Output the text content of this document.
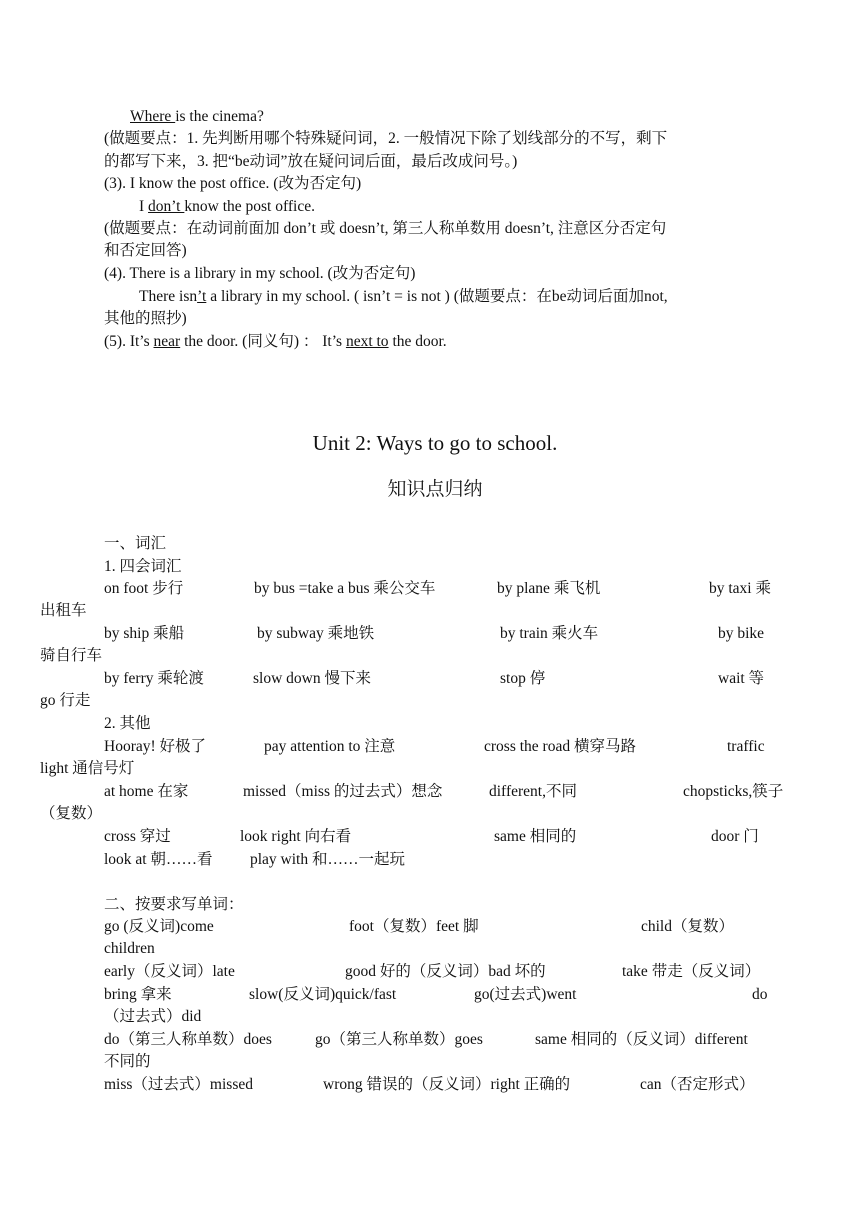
Where is the cinema?
(做题要点：1. 先判断用哪个特殊疑问词，2. 一般情况下除了划线部分的不写，剩下
的都写下来，3. 把“be动词”放在疑问词后面，最后改成问号。)
(3). I know the post office. (改为否定句)
I don’t know the post office.
(做题要点：在动词前面加 don’t 或 doesn’t, 第三人称单数用 doesn’t, 注意区分否定句
和否定回答)
(4). There is a library in my school. (改为否定句)
There isn’t a library in my school. ( isn’t = is not ) (做题要点：在be动词后面加not,
其他的照抄)
(5). It’s near the door. (同义句) ： It’s next to the door.
Unit 2: Ways to go to school.
知识点归纳
一、词汇
1. 四会词汇
on foot 步行	by bus =take a bus 乘公交车	by plane 乘飞机	by taxi 乘
出租车
by ship 乘船	by subway 乘地铁	by train 乘火车	by bike
骑自行车
by ferry 乘轮渡	slow down 慢下来	stop 停	wait 等
go 行走
2. 其他
Hooray! 好极了	pay attention to 注意	cross the road 横穿马路	traffic
light 通信号灯
at home 在家	missed（miss 的过去式）想念	different,不同	chopsticks,筷子
（复数）
cross 穿过	look right 向右看	same 相同的	door 门
look at 朝……看 play with 和……一起玩
二、按要求写单词：
go (反义词)come	foot（复数）feet 脚	child（复数）
children
early（反义词）late	good 好的（反义词）bad 坏的	take 带走（反义词）
bring 拿来	slow(反义词)quick/fast	go(过去式)went	do
（过去式）did
do（第三人称单数）does	go（第三人称单数）goes	same 相同的（反义词）different
不同的
miss（过去式）missed	wrong 错误的（反义词）right 正确的	can（否定形式）
